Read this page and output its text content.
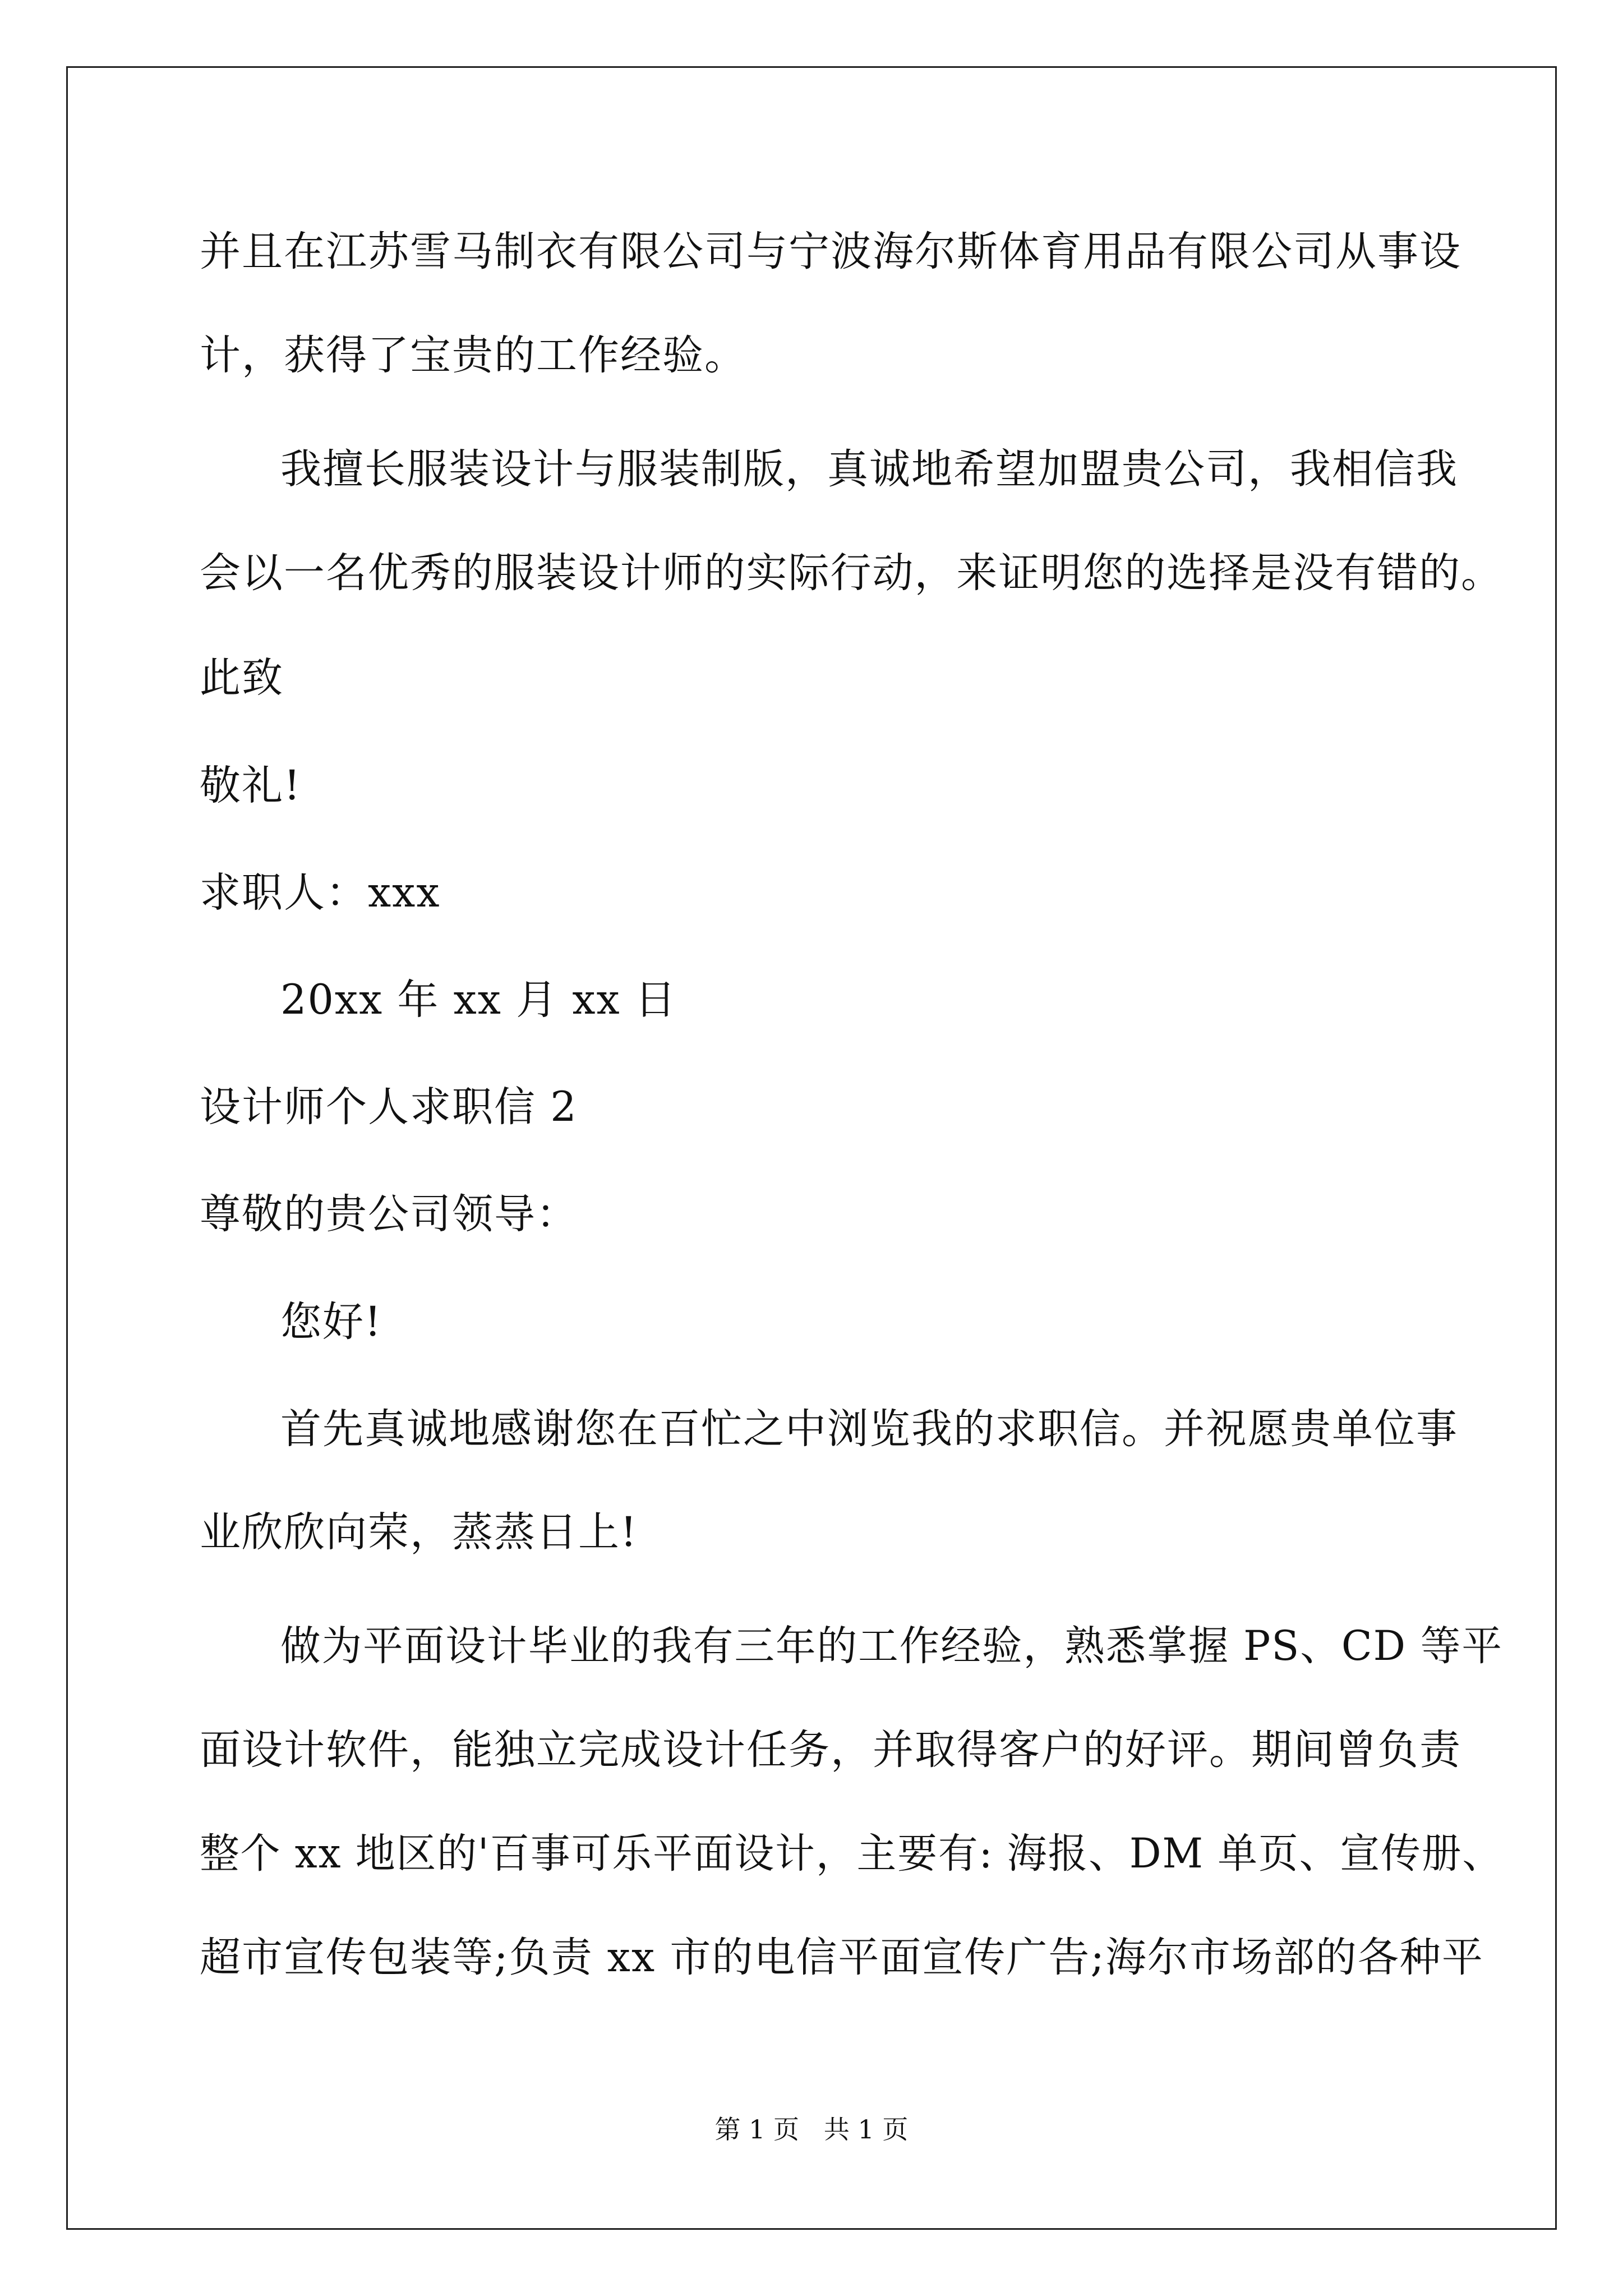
并且在江苏雪马制衣有限公司与宁波海尔斯体育用品有限公司从事设

计，获得了宝贵的工作经验。

我擅长服装设计与服装制版，真诚地希望加盟贵公司，我相信我

会以一名优秀的服装设计师的实际行动，来证明您的选择是没有错的。

此致

敬礼!

求职人：xxx

20xx 年 xx 月 xx 日

设计师个人求职信 2

尊敬的贵公司领导：

您好!

首先真诚地感谢您在百忙之中浏览我的求职信。并祝愿贵单位事

业欣欣向荣，蒸蒸日上!

做为平面设计毕业的我有三年的工作经验，熟悉掌握 PS、CD 等平

面设计软件，能独立完成设计任务，并取得客户的好评。期间曾负责

整个 xx 地区的'百事可乐平面设计，主要有: 海报、DM 单页、宣传册、

超市宣传包装等;负责 xx 市的电信平面宣传广告;海尔市场部的各种平

第 1 页   共 1 页
